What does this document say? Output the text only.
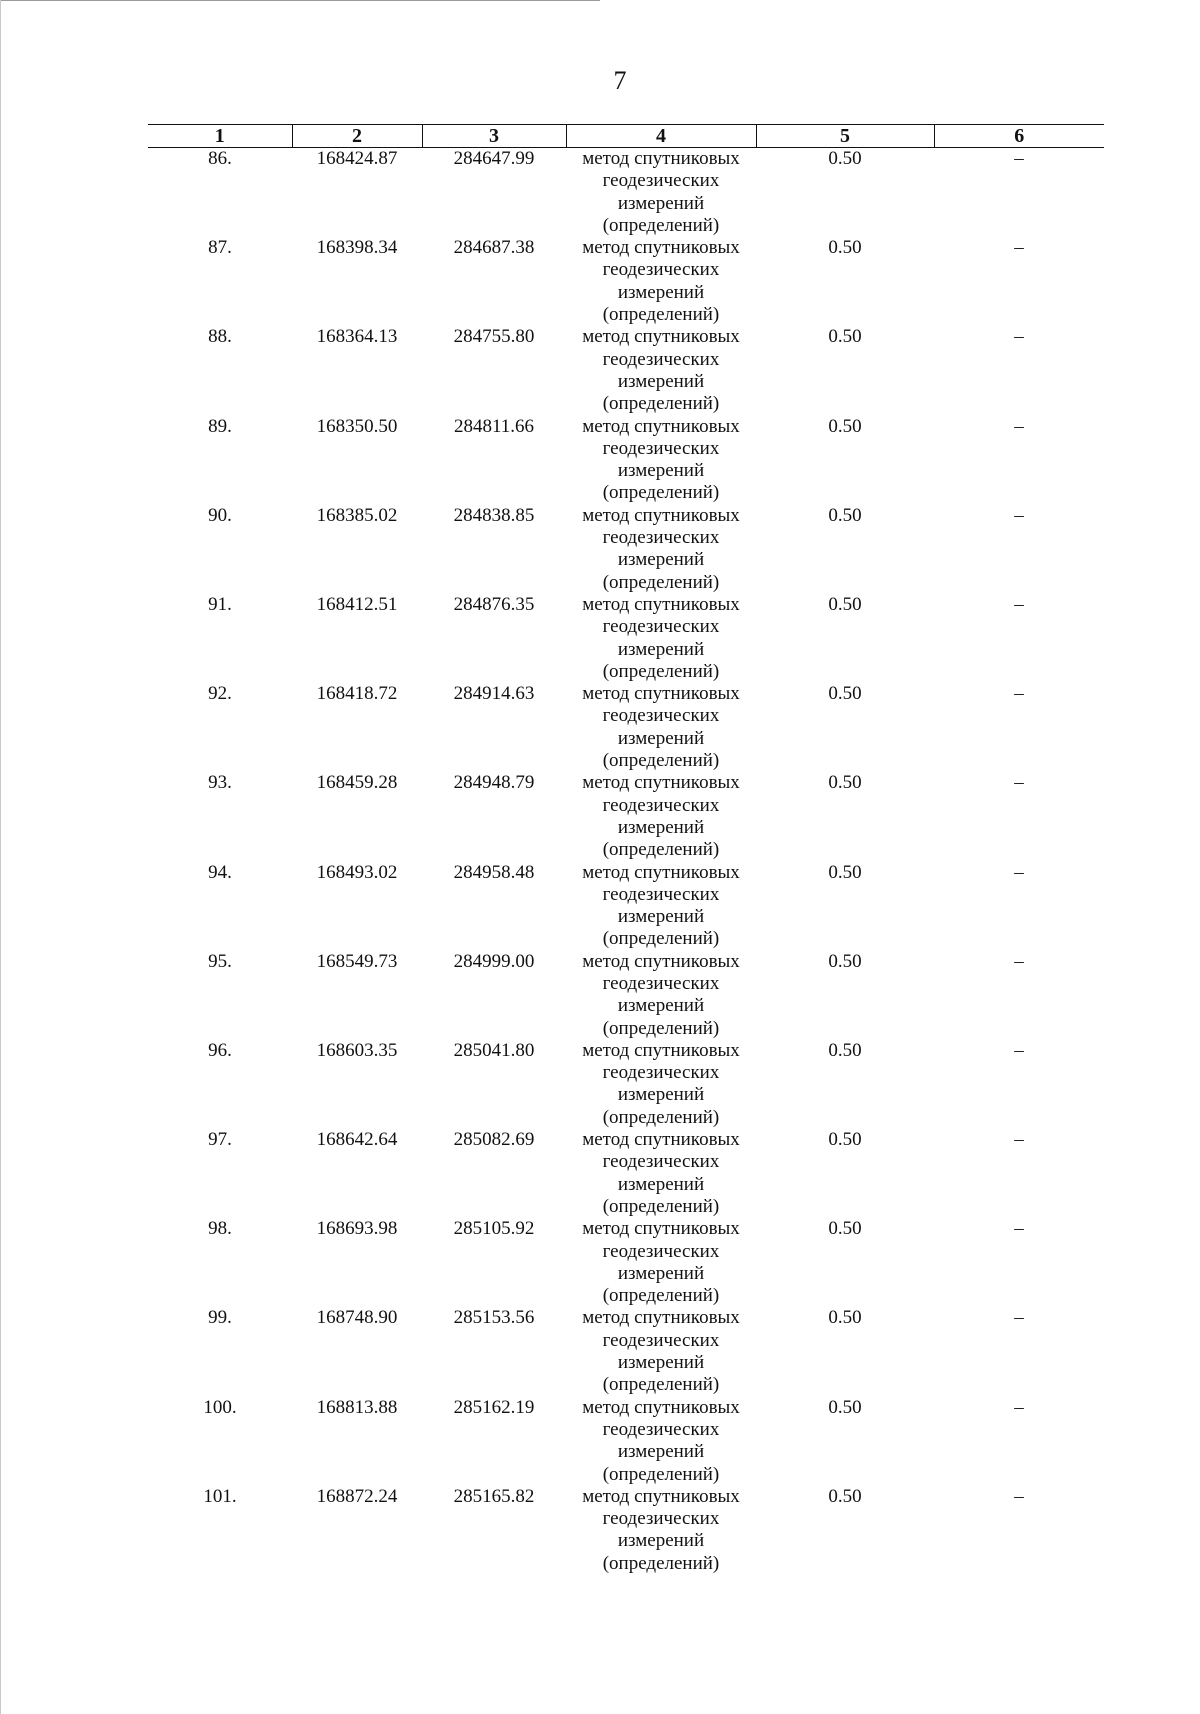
7
1	2	3	4	5	6
86.	168424.87	284647.99	метод спутниковых геодезических измерений (определений)	0.50	–
87.	168398.34	284687.38	метод спутниковых геодезических измерений (определений)	0.50	–
88.	168364.13	284755.80	метод спутниковых геодезических измерений (определений)	0.50	–
89.	168350.50	284811.66	метод спутниковых геодезических измерений (определений)	0.50	–
90.	168385.02	284838.85	метод спутниковых геодезических измерений (определений)	0.50	–
91.	168412.51	284876.35	метод спутниковых геодезических измерений (определений)	0.50	–
92.	168418.72	284914.63	метод спутниковых геодезических измерений (определений)	0.50	–
93.	168459.28	284948.79	метод спутниковых геодезических измерений (определений)	0.50	–
94.	168493.02	284958.48	метод спутниковых геодезических измерений (определений)	0.50	–
95.	168549.73	284999.00	метод спутниковых геодезических измерений (определений)	0.50	–
96.	168603.35	285041.80	метод спутниковых геодезических измерений (определений)	0.50	–
97.	168642.64	285082.69	метод спутниковых геодезических измерений (определений)	0.50	–
98.	168693.98	285105.92	метод спутниковых геодезических измерений (определений)	0.50	–
99.	168748.90	285153.56	метод спутниковых геодезических измерений (определений)	0.50	–
100.	168813.88	285162.19	метод спутниковых геодезических измерений (определений)	0.50	–
101.	168872.24	285165.82	метод спутниковых геодезических измерений (определений)	0.50	–
